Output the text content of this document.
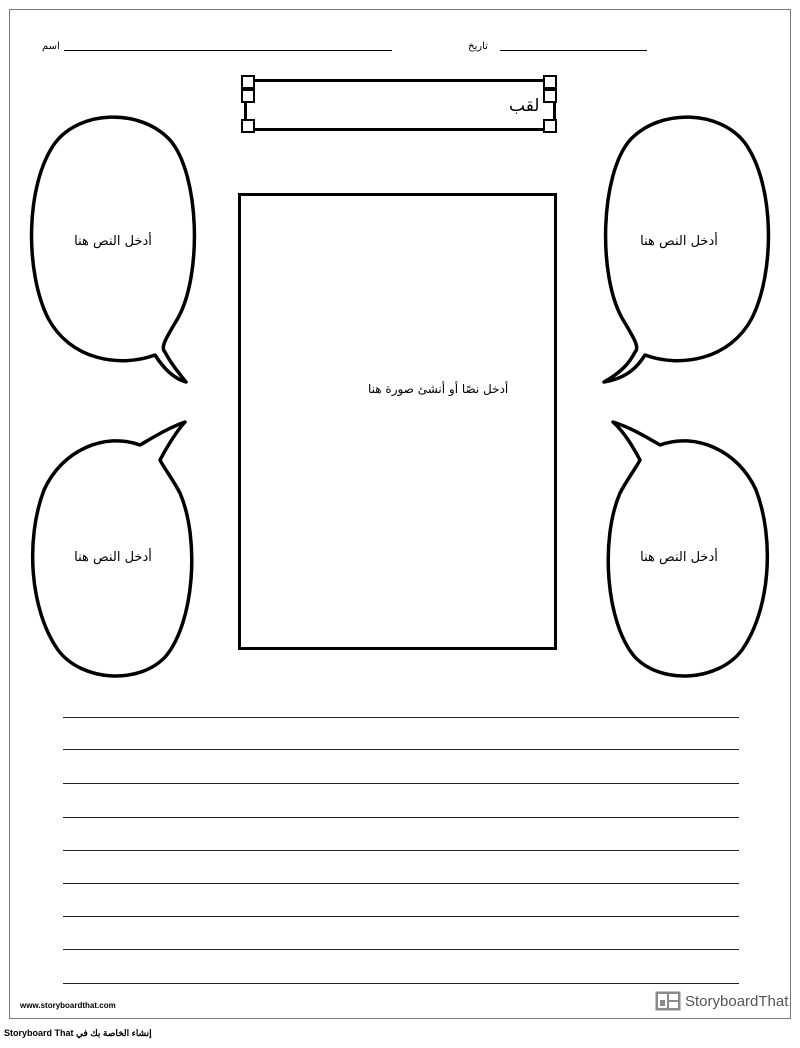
اسم	تاريخ
لقب
أدخل نصًا أو أنشئ صورة هنا
أدخل النص هنا	أدخل النص هنا
أدخل النص هنا	أدخل النص هنا
www.storyboardthat.com	StoryboardThat
إنشاء الخاصة بك في Storyboard That
